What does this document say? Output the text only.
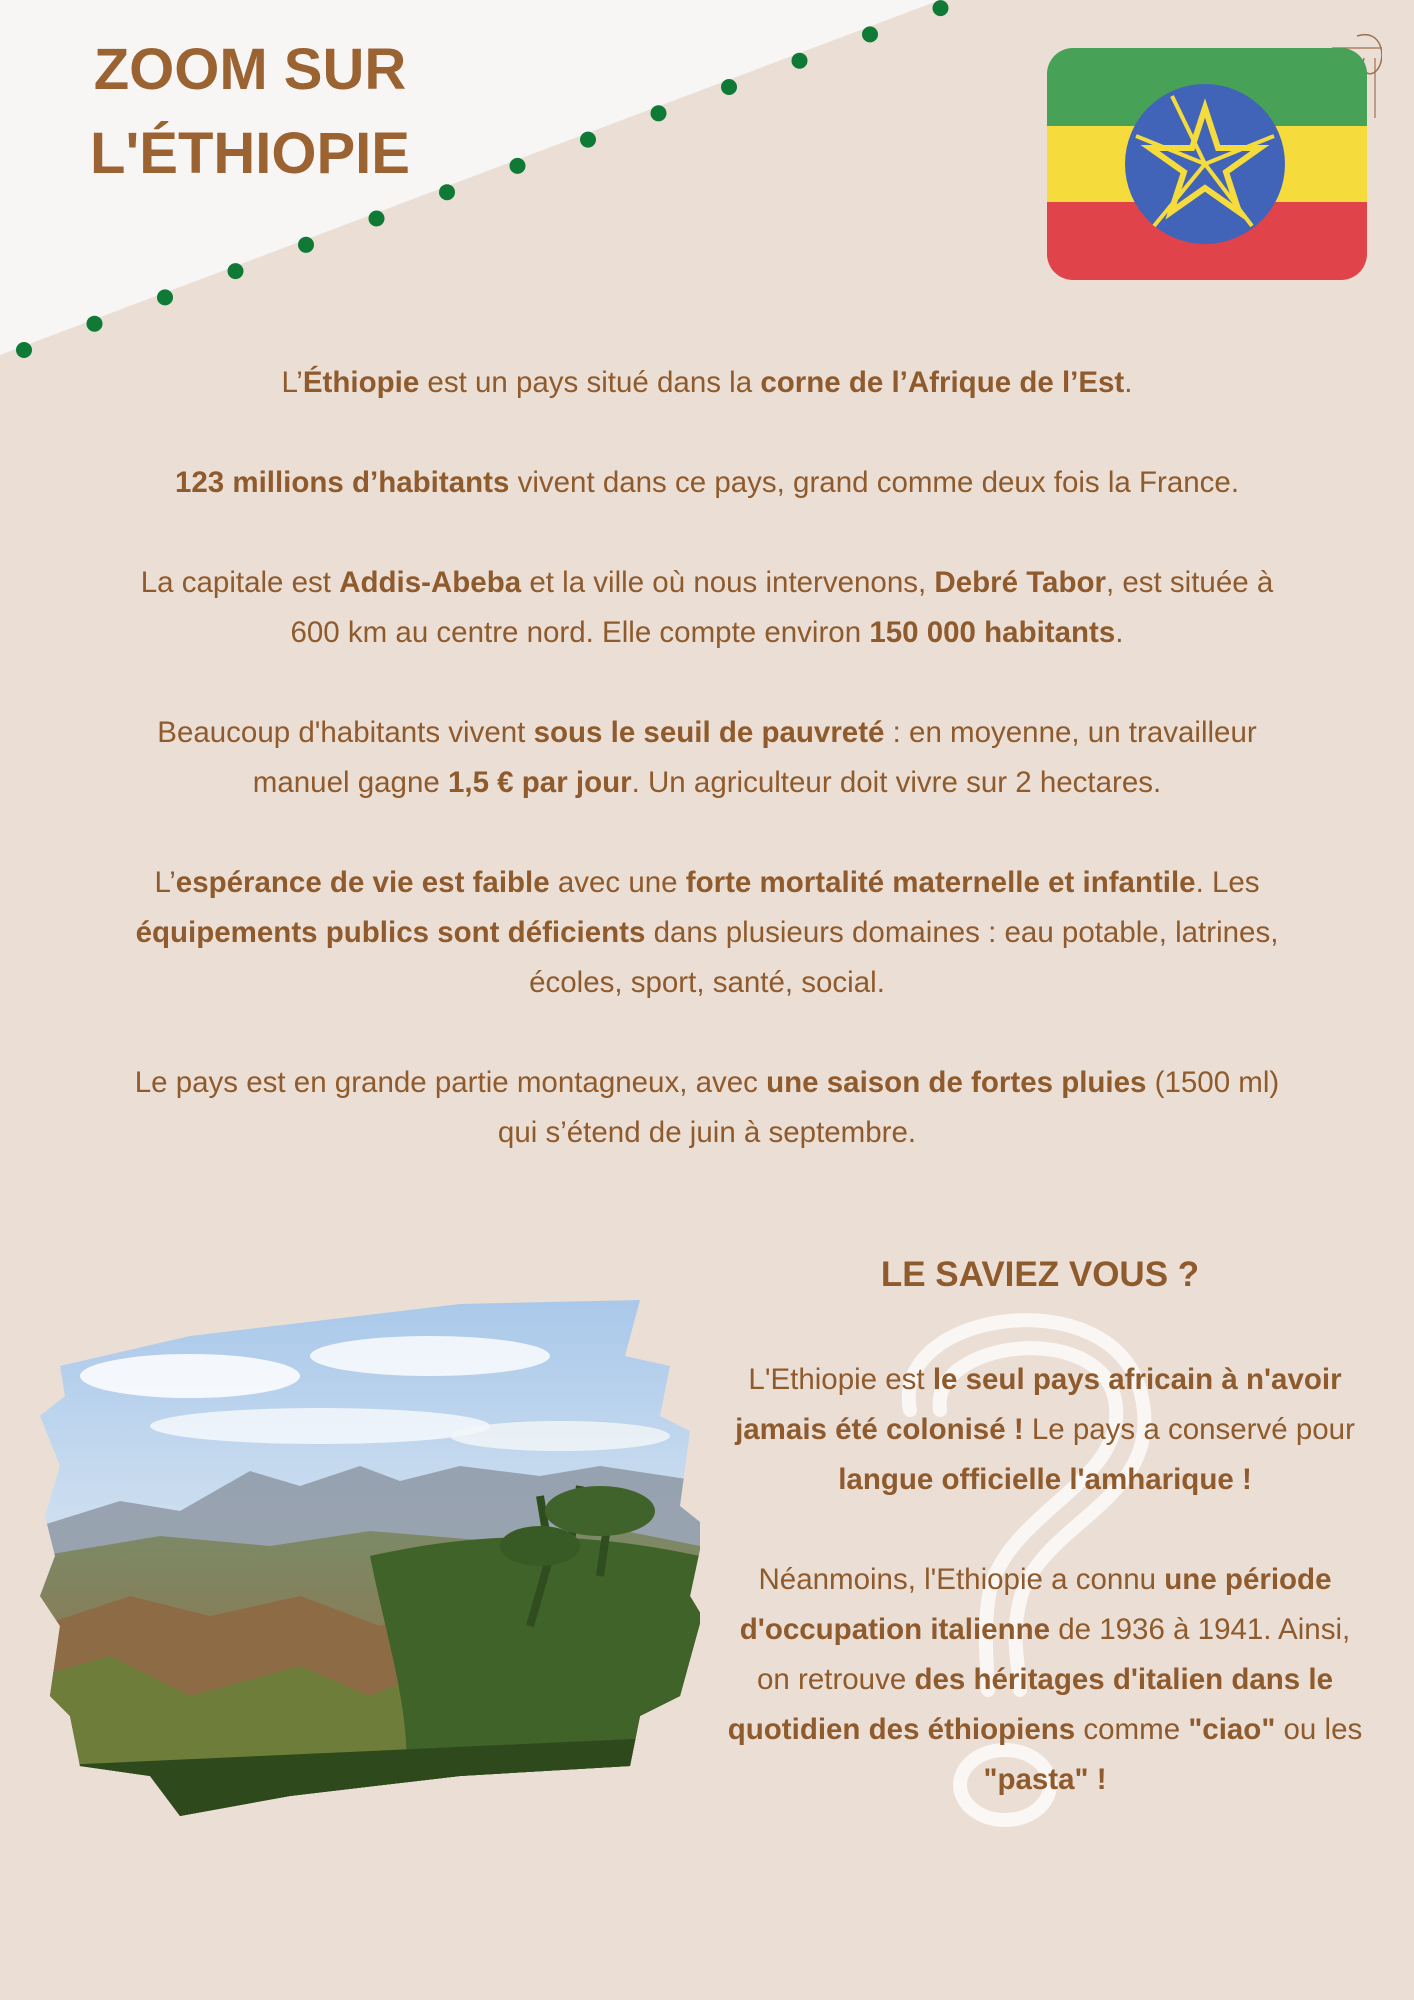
ZOOM SUR
L'ÉTHIOPIE

L’Éthiopie est un pays situé dans la corne de l’Afrique de l’Est.

123 millions d’habitants vivent dans ce pays, grand comme deux fois la France.

La capitale est Addis-Abeba et la ville où nous intervenons, Debré Tabor, est située à
600 km au centre nord. Elle compte environ 150 000 habitants.

Beaucoup d'habitants vivent sous le seuil de pauvreté : en moyenne, un travailleur
manuel gagne 1,5 € par jour. Un agriculteur doit vivre sur 2 hectares.

L’espérance de vie est faible avec une forte mortalité maternelle et infantile. Les
équipements publics sont déficients dans plusieurs domaines : eau potable, latrines,
écoles, sport, santé, social.

Le pays est en grande partie montagneux, avec une saison de fortes pluies (1500 ml)
qui s’étend de juin à septembre.

LE SAVIEZ VOUS ?

L'Ethiopie est le seul pays africain à n'avoir jamais été colonisé ! Le pays a conservé pour langue officielle l'amharique !

Néanmoins, l'Ethiopie a connu une période d'occupation italienne de 1936 à 1941. Ainsi, on retrouve des héritages d'italien dans le quotidien des éthiopiens comme "ciao" ou les "pasta" !
